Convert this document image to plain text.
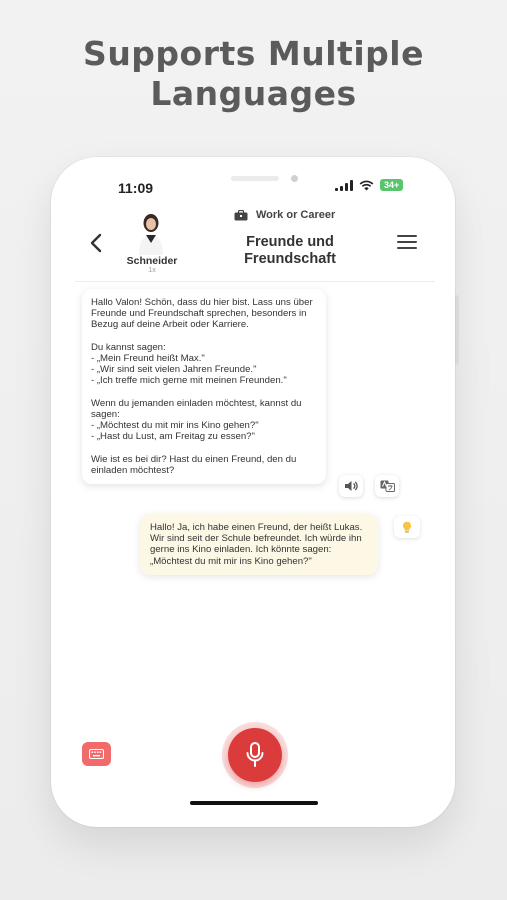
Supports Multiple
Languages
11:09	34+
Work or Career
Schneider
1x
Freunde und Freundschaft
Hallo Valon! Schön, dass du hier bist. Lass uns über Freunde und Freundschaft sprechen, besonders in Bezug auf deine Arbeit oder Karriere.

Du kannst sagen:
- „Mein Freund heißt Max."
- „Wir sind seit vielen Jahren Freunde."
- „Ich treffe mich gerne mit meinen Freunden."

Wenn du jemanden einladen möchtest, kannst du sagen:
- „Möchtest du mit mir ins Kino gehen?"
- „Hast du Lust, am Freitag zu essen?"

Wie ist es bei dir? Hast du einen Freund, den du einladen möchtest?
Hallo! Ja, ich habe einen Freund, der heißt Lukas. Wir sind seit der Schule befreundet. Ich würde ihn gerne ins Kino einladen. Ich könnte sagen: „Möchtest du mit mir ins Kino gehen?"
